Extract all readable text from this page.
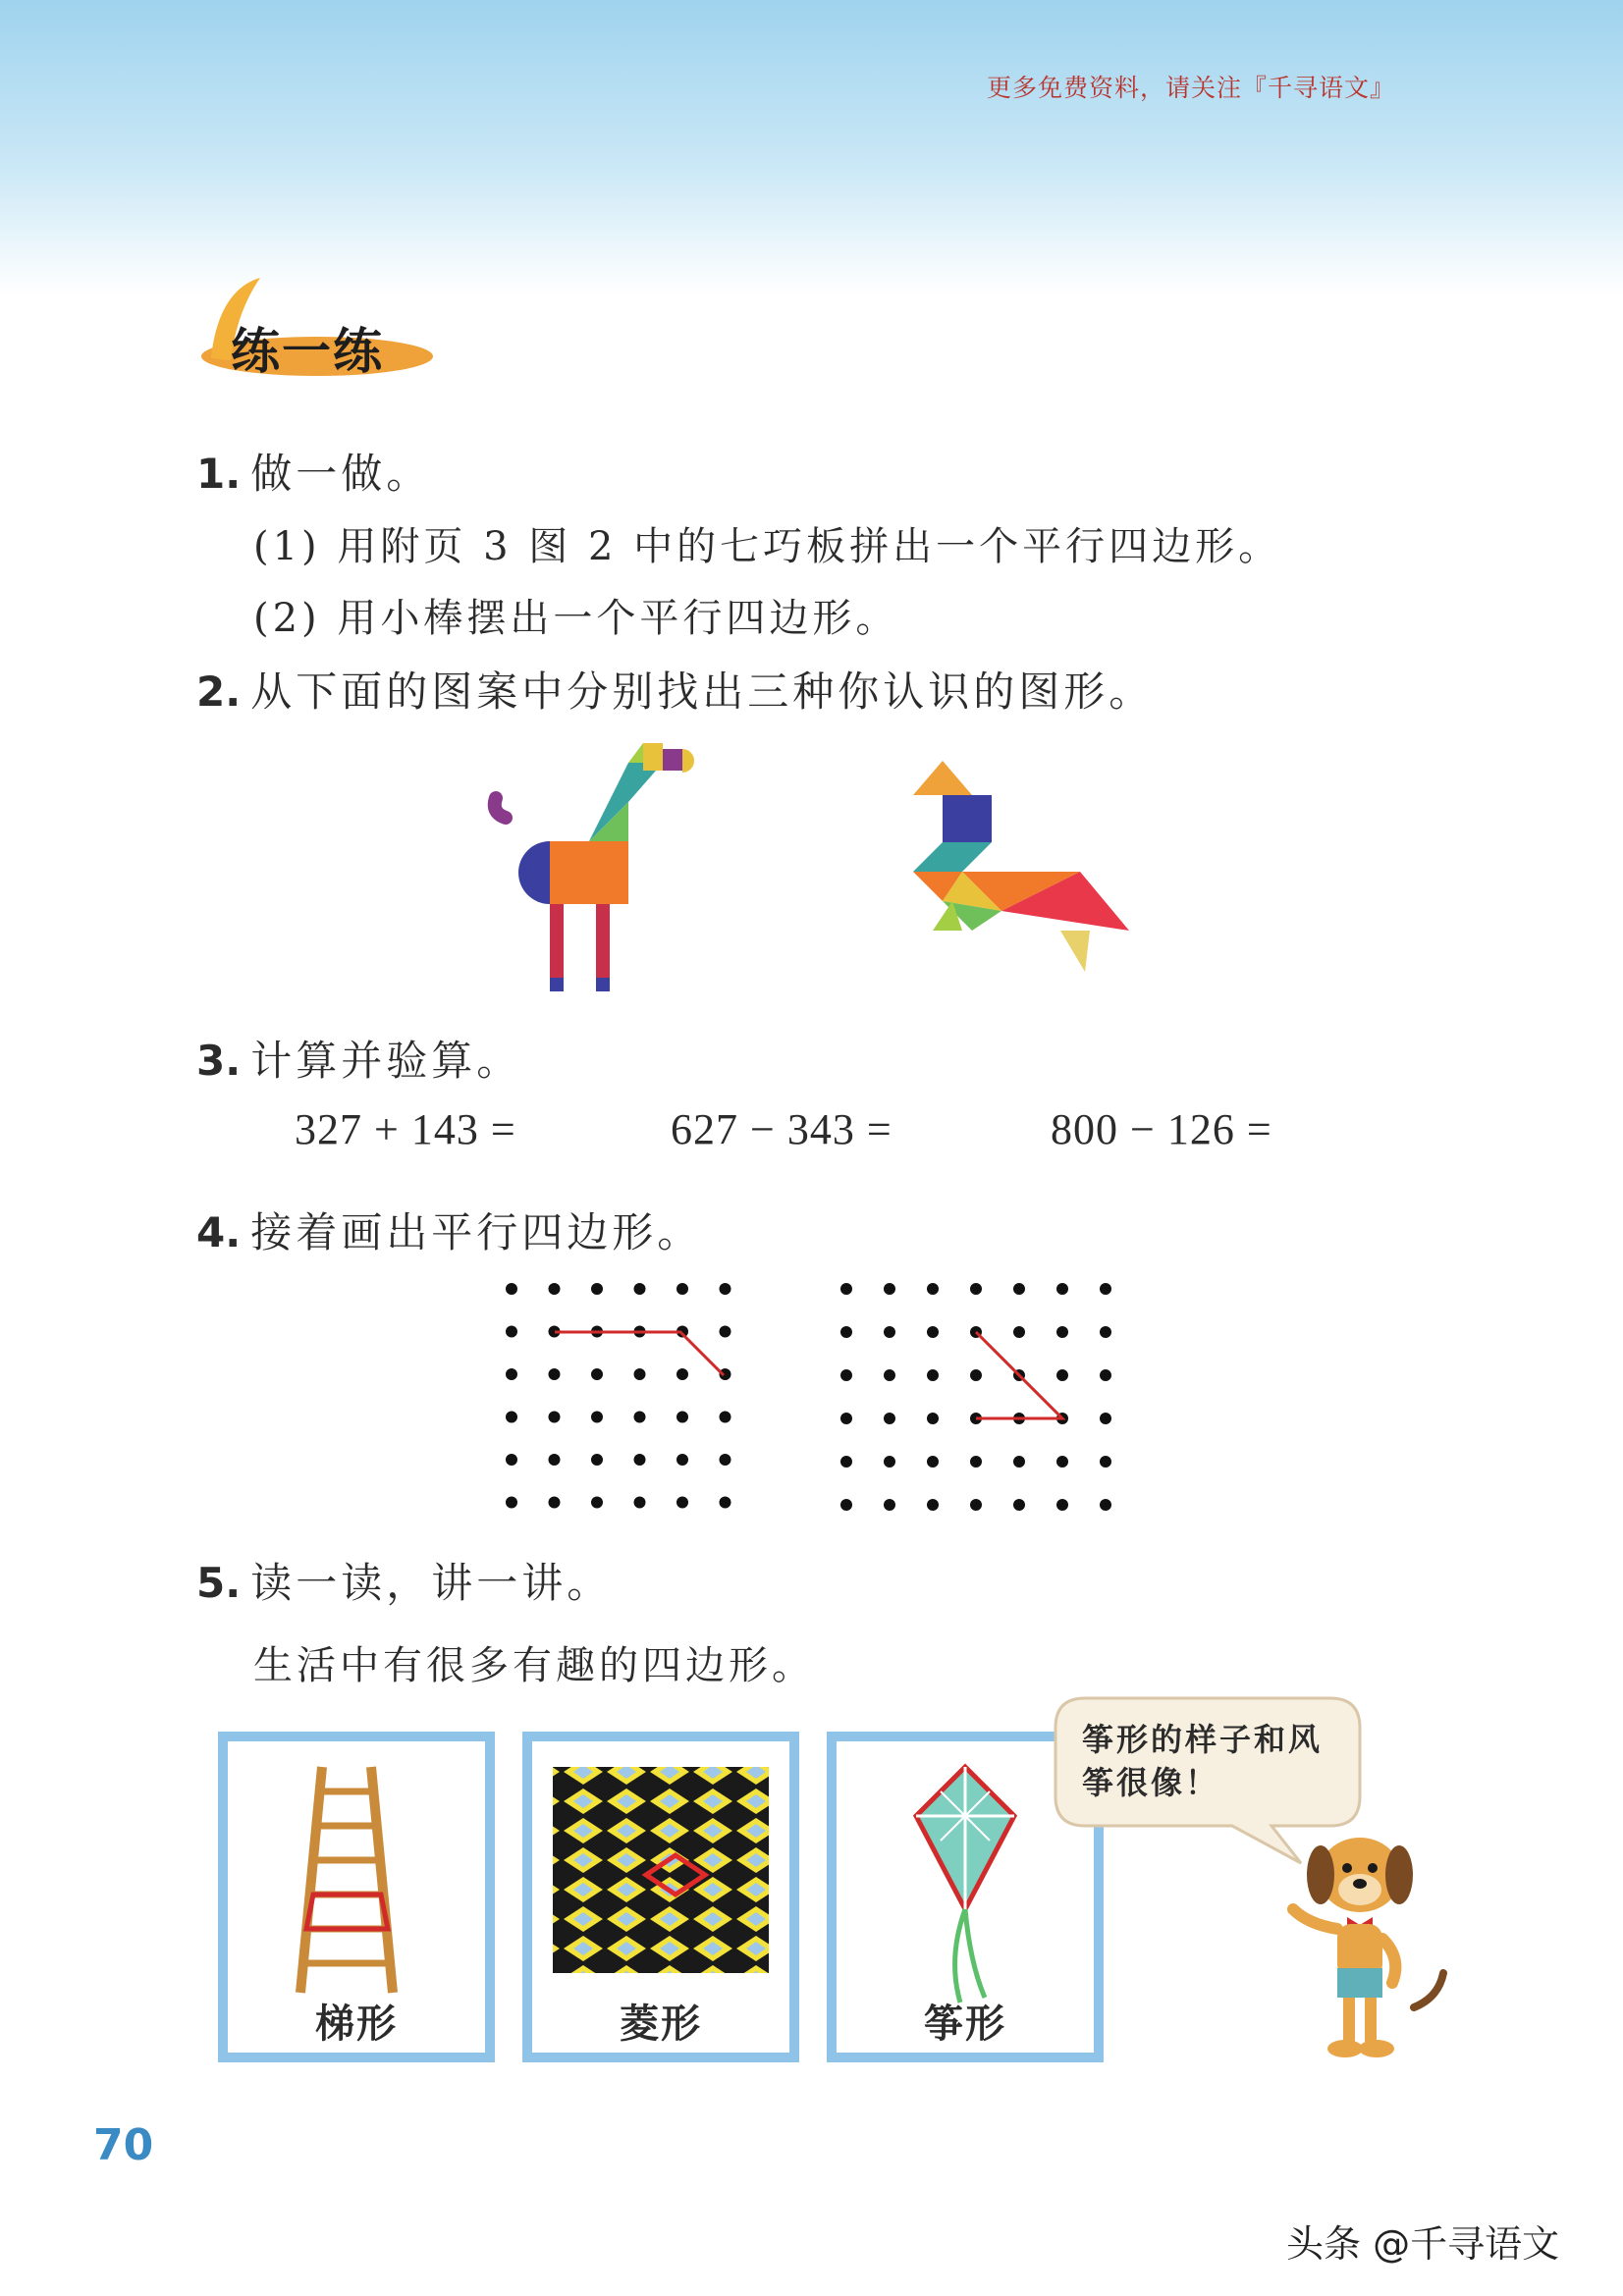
更多免费资料，请关注『千寻语文』
练一练
1. 做一做。
(1) 用附页 3 图 2 中的七巧板拼出一个平行四边形。
(2) 用小棒摆出一个平行四边形。
2. 从下面的图案中分别找出三种你认识的图形。
3. 计算并验算。
327 + 143 =	627 − 343 =	800 − 126 =
4. 接着画出平行四边形。
5. 读一读，讲一讲。
生活中有很多有趣的四边形。
梯形	菱形	筝形
筝形的样子和风筝很像！
70
头条 @千寻语文
